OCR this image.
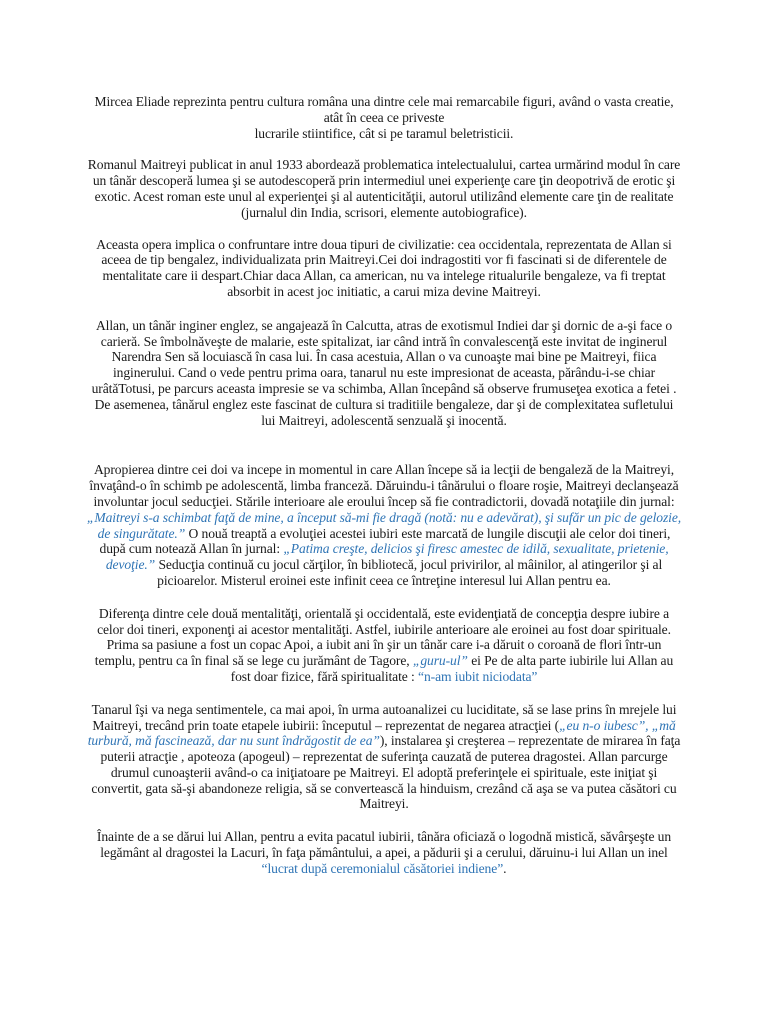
Mircea Eliade reprezinta pentru cultura româna una dintre cele mai remarcabile figuri, având o vasta creatie, atât în ceea ce priveste
lucrarile stiintifice, cât si pe taramul beletristicii.

Romanul Maitreyi publicat in anul 1933 abordează problematica intelectualului, cartea urmărind modul în care un tânăr descoperă lumea şi se autodescoperă prin intermediul unei experienţe care ţin deopotrivă de erotic şi exotic. Acest roman este unul al experienţei şi al autenticităţii, autorul utilizând elemente care ţin de realitate (jurnalul din India, scrisori, elemente autobiografice).

Aceasta opera implica o confruntare intre doua tipuri de civilizatie: cea occidentala, reprezentata de Allan si aceea de tip bengalez, individualizata prin Maitreyi.Cei doi indragostiti vor fi fascinati si de diferentele de mentalitate care ii despart.Chiar daca Allan, ca american, nu va intelege ritualurile bengaleze, va fi treptat absorbit in acest joc initiatic, a carui miza devine Maitreyi.

Allan, un tânăr inginer englez, se angajează în Calcutta, atras de exotismul Indiei dar şi dornic de a-şi face o carieră. Se îmbolnăveşte de malarie, este spitalizat, iar când intră în convalescenţă este invitat de inginerul Narendra Sen să locuiască în casa lui. În casa acestuia, Allan o va cunoaşte mai bine pe Maitreyi, fiica inginerului. Cand o vede pentru prima oara, tanarul nu este impresionat de aceasta, părându-i-se chiar urâtăTotusi, pe parcurs aceasta impresie se va schimba, Allan începând să observe frumuseţea exotica a fetei . De asemenea, tânărul englez este fascinat de cultura si traditiile bengaleze, dar şi de complexitatea sufletului lui Maitreyi, adolescentă senzuală şi inocentă.

Apropierea dintre cei doi va incepe in momentul in care Allan începe să ia lecţii de bengaleză de la Maitreyi, învaţând-o în schimb pe adolescentă, limba franceză. Dăruindu-i tânărului o floare roşie, Maitreyi declanşează involuntar jocul seducţiei. Stările interioare ale eroului încep să fie contradictorii, dovadă notaţiile din jurnal: „Maitreyi s-a schimbat faţă de mine, a început să-mi fie dragă (notă: nu e adevărat), şi sufăr un pic de gelozie, de singurătate.” O nouă treaptă a evoluţiei acestei iubiri este marcată de lungile discuţii ale celor doi tineri, după cum notează Allan în jurnal: „Patima creşte, delicios şi firesc amestec de idilă, sexualitate, prietenie, devoţie.” Seducţia continuă cu jocul cărţilor, în bibliotecă, jocul privirilor, al mâinilor, al atingerilor şi al picioarelor. Misterul eroinei este infinit ceea ce întreţine interesul lui Allan pentru ea.

Diferenţa dintre cele două mentalităţi, orientală şi occidentală, este evidenţiată de concepţia despre iubire a celor doi tineri, exponenţi ai acestor mentalităţi. Astfel, iubirile anterioare ale eroinei au fost doar spirituale. Prima sa pasiune a fost un copac Apoi, a iubit ani în şir un tânăr care i-a dăruit o coroană de flori într-un templu, pentru ca în final să se lege cu jurământ de Tagore, „guru-ul” ei Pe de alta parte iubirile lui Allan au fost doar fizice, fără spiritualitate : “n-am iubit niciodata”

Tanarul îşi va nega sentimentele, ca mai apoi, în urma autoanalizei cu luciditate, să se lase prins în mrejele lui Maitreyi, trecând prin toate etapele iubirii: începutul – reprezentat de negarea atracţiei („eu n-o iubesc”, „mă turbură, mă fascinează, dar nu sunt îndrăgostit de ea”), instalarea şi creşterea – reprezentate de mirarea în faţa puterii atracţie , apoteoza (apogeul) – reprezentat de suferinţa cauzată de puterea dragostei. Allan parcurge drumul cunoaşterii având-o ca iniţiatoare pe Maitreyi. El adoptă preferinţele ei spirituale, este iniţiat şi convertit, gata să-şi abandoneze religia, să se convertească la hinduism, crezând că aşa se va putea căsători cu Maitreyi.

Înainte de a se dărui lui Allan, pentru a evita pacatul iubirii, tânăra oficiază o logodnă mistică, săvârşeşte un legământ al dragostei la Lacuri, în faţa pământului, a apei, a pădurii şi a cerului, dăruinu-i lui Allan un inel “lucrat după ceremonialul căsătoriei indiene”.
